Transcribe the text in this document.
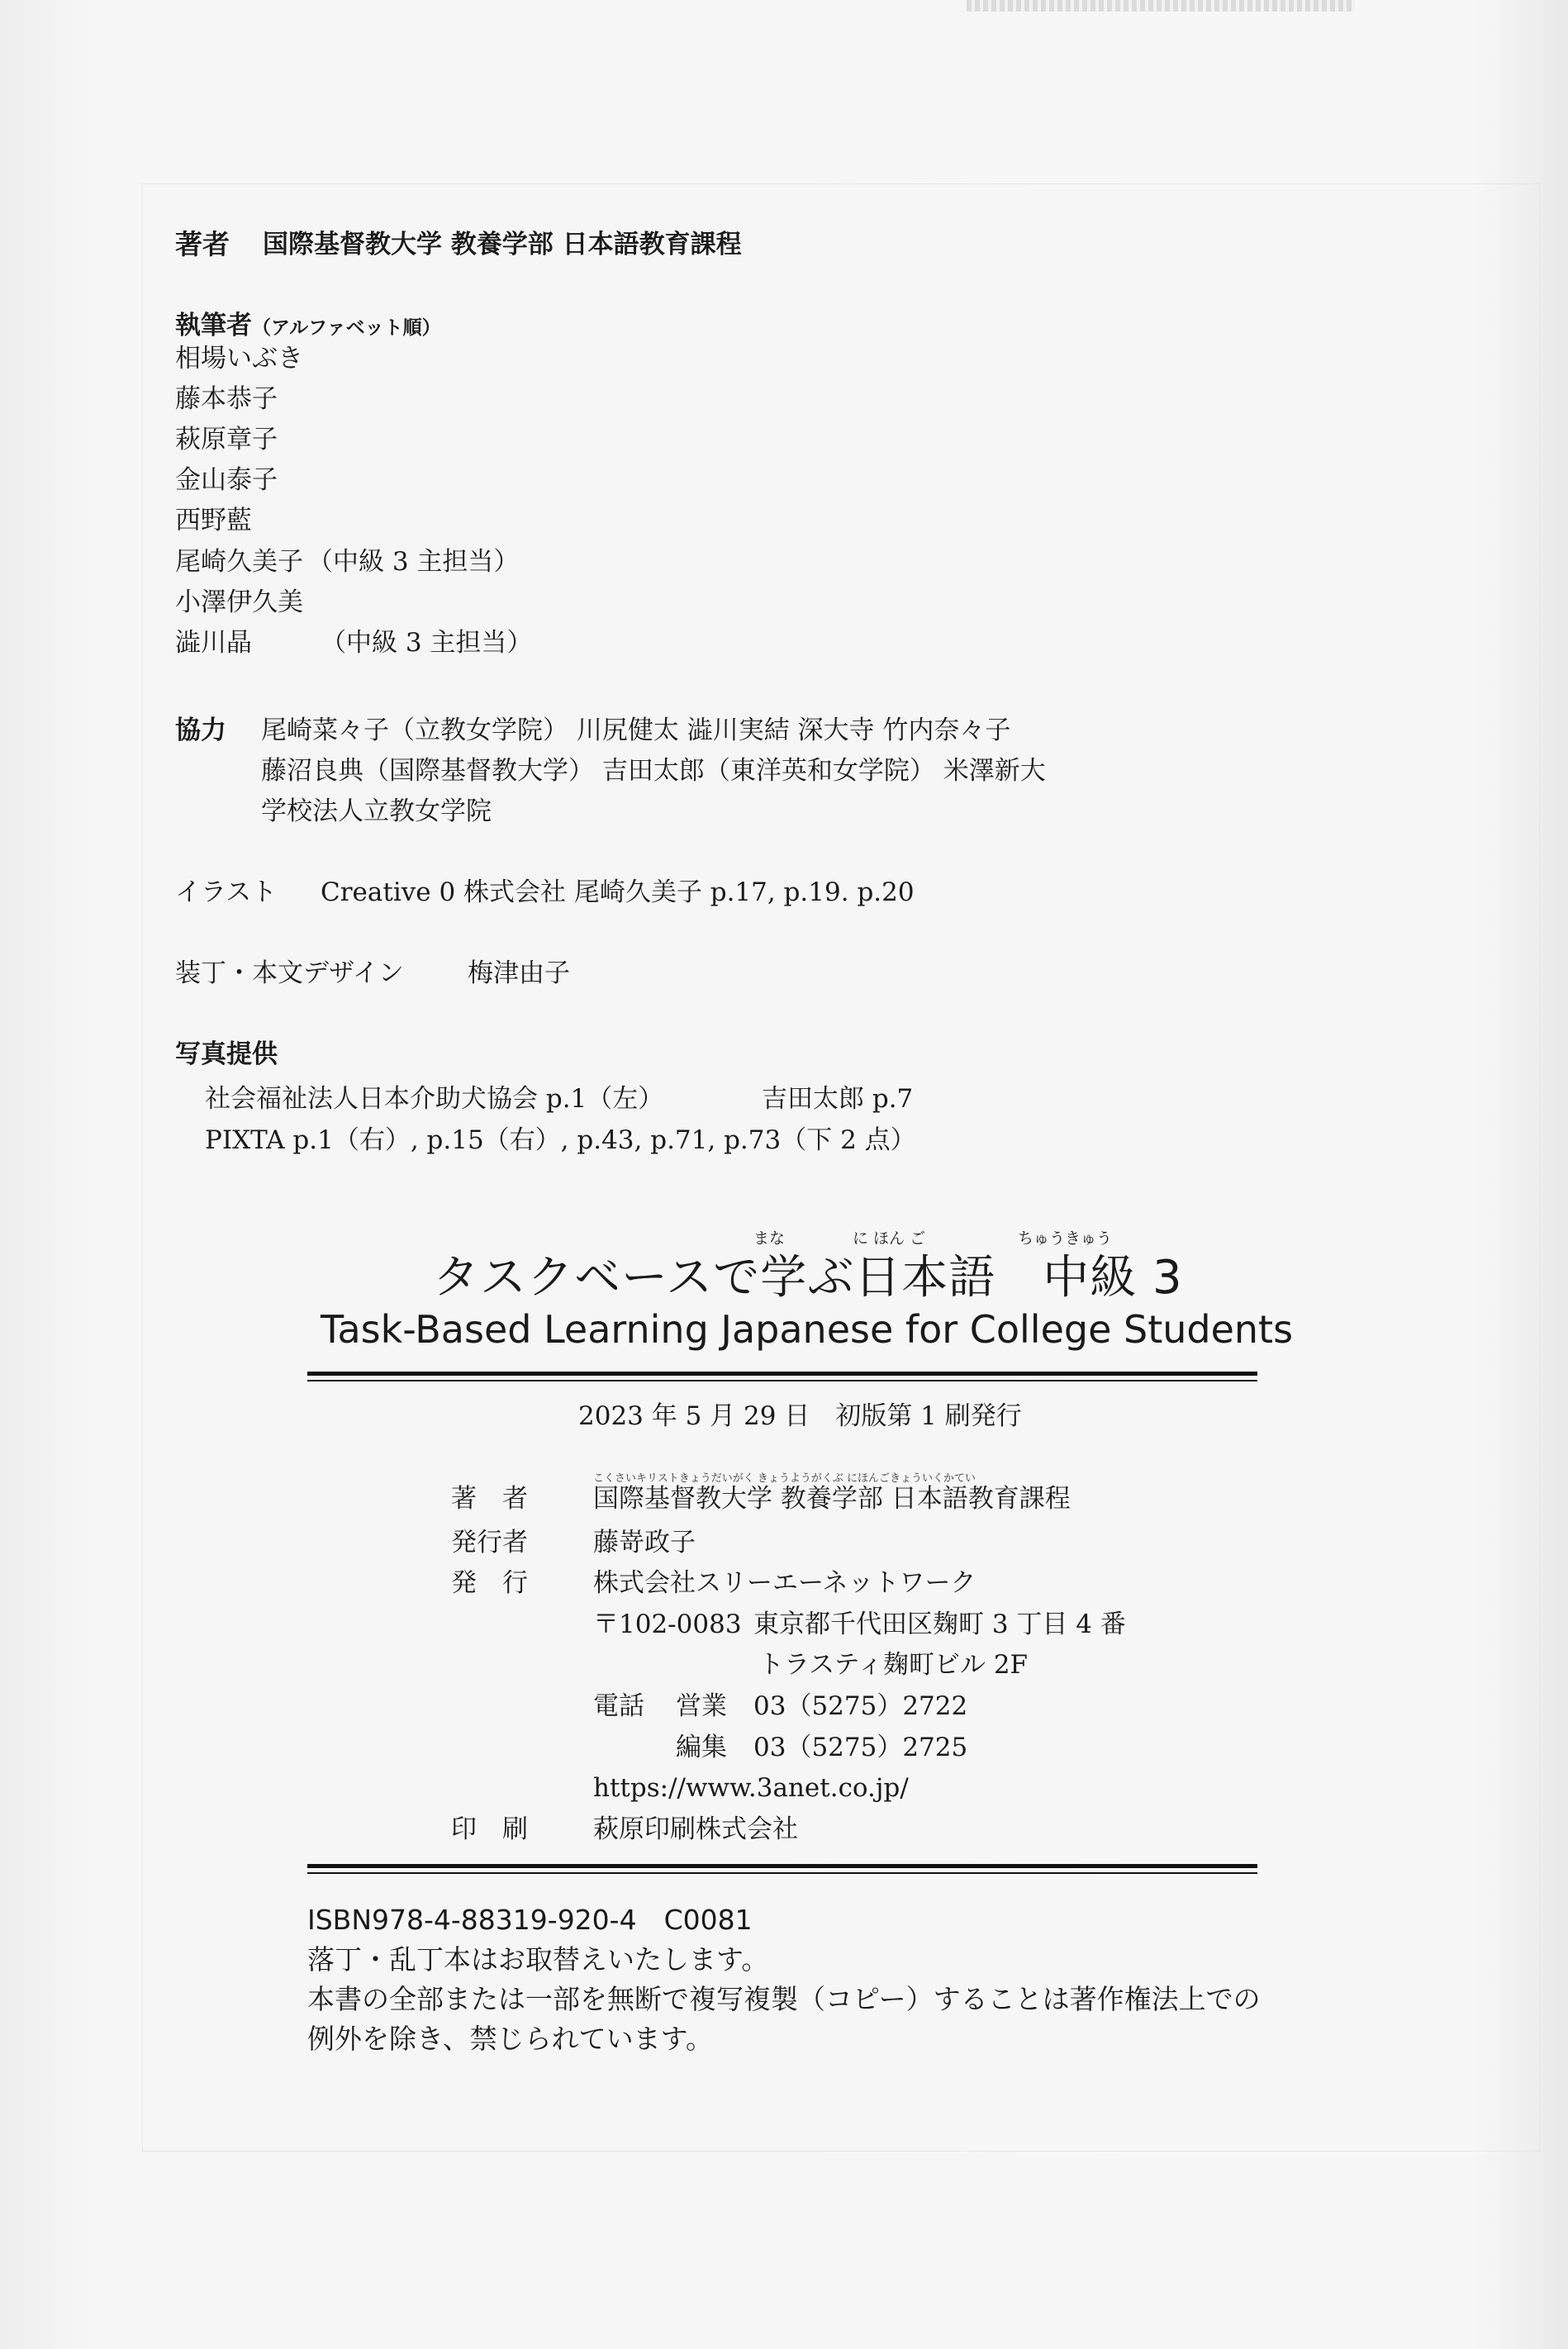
著者 国際基督教大学 教養学部 日本語教育課程
執筆者（アルファベット順）
相場いぶき
藤本恭子
萩原章子
金山泰子
西野藍
尾崎久美子 （中級 3 主担当）
小澤伊久美
澁川晶	（中級 3 主担当）
協力 尾崎菜々子（立教女学院） 川尻健太 澁川実結 深大寺 竹内奈々子
藤沼良典（国際基督教大学） 吉田太郎（東洋英和女学院） 米澤新大
学校法人立教女学院
イラスト Creative 0 株式会社 尾崎久美子 p.17, p.19. p.20
装丁・本文デザイン 梅津由子
写真提供
社会福祉法人日本介助犬協会 p.1（左）	吉田太郎 p.7
PIXTA p.1（右）, p.15（右）, p.43, p.71, p.73（下 2 点）
まな	に ほん ご	ちゅうきゅう
タスクベースで学ぶ日本語　中級 3
Task-Based Learning Japanese for College Students
2023 年 5 月 29 日　初版第 1 刷発行
こくさいキリストきょうだいがく きょうようがくぶ にほんごきょういくかてい
著　者	国際基督教大学 教養学部 日本語教育課程
発行者	藤嵜政子
発　行	株式会社スリーエーネットワーク
〒102-0083 東京都千代田区麹町 3 丁目 4 番
トラスティ麹町ビル 2F
電話 営業 03（5275）2722
編集 03（5275）2725
https://www.3anet.co.jp/
印　刷	萩原印刷株式会社
ISBN978-4-88319-920-4　C0081
落丁・乱丁本はお取替えいたします。
本書の全部または一部を無断で複写複製（コピー）することは著作権法上での
例外を除き、禁じられています。
